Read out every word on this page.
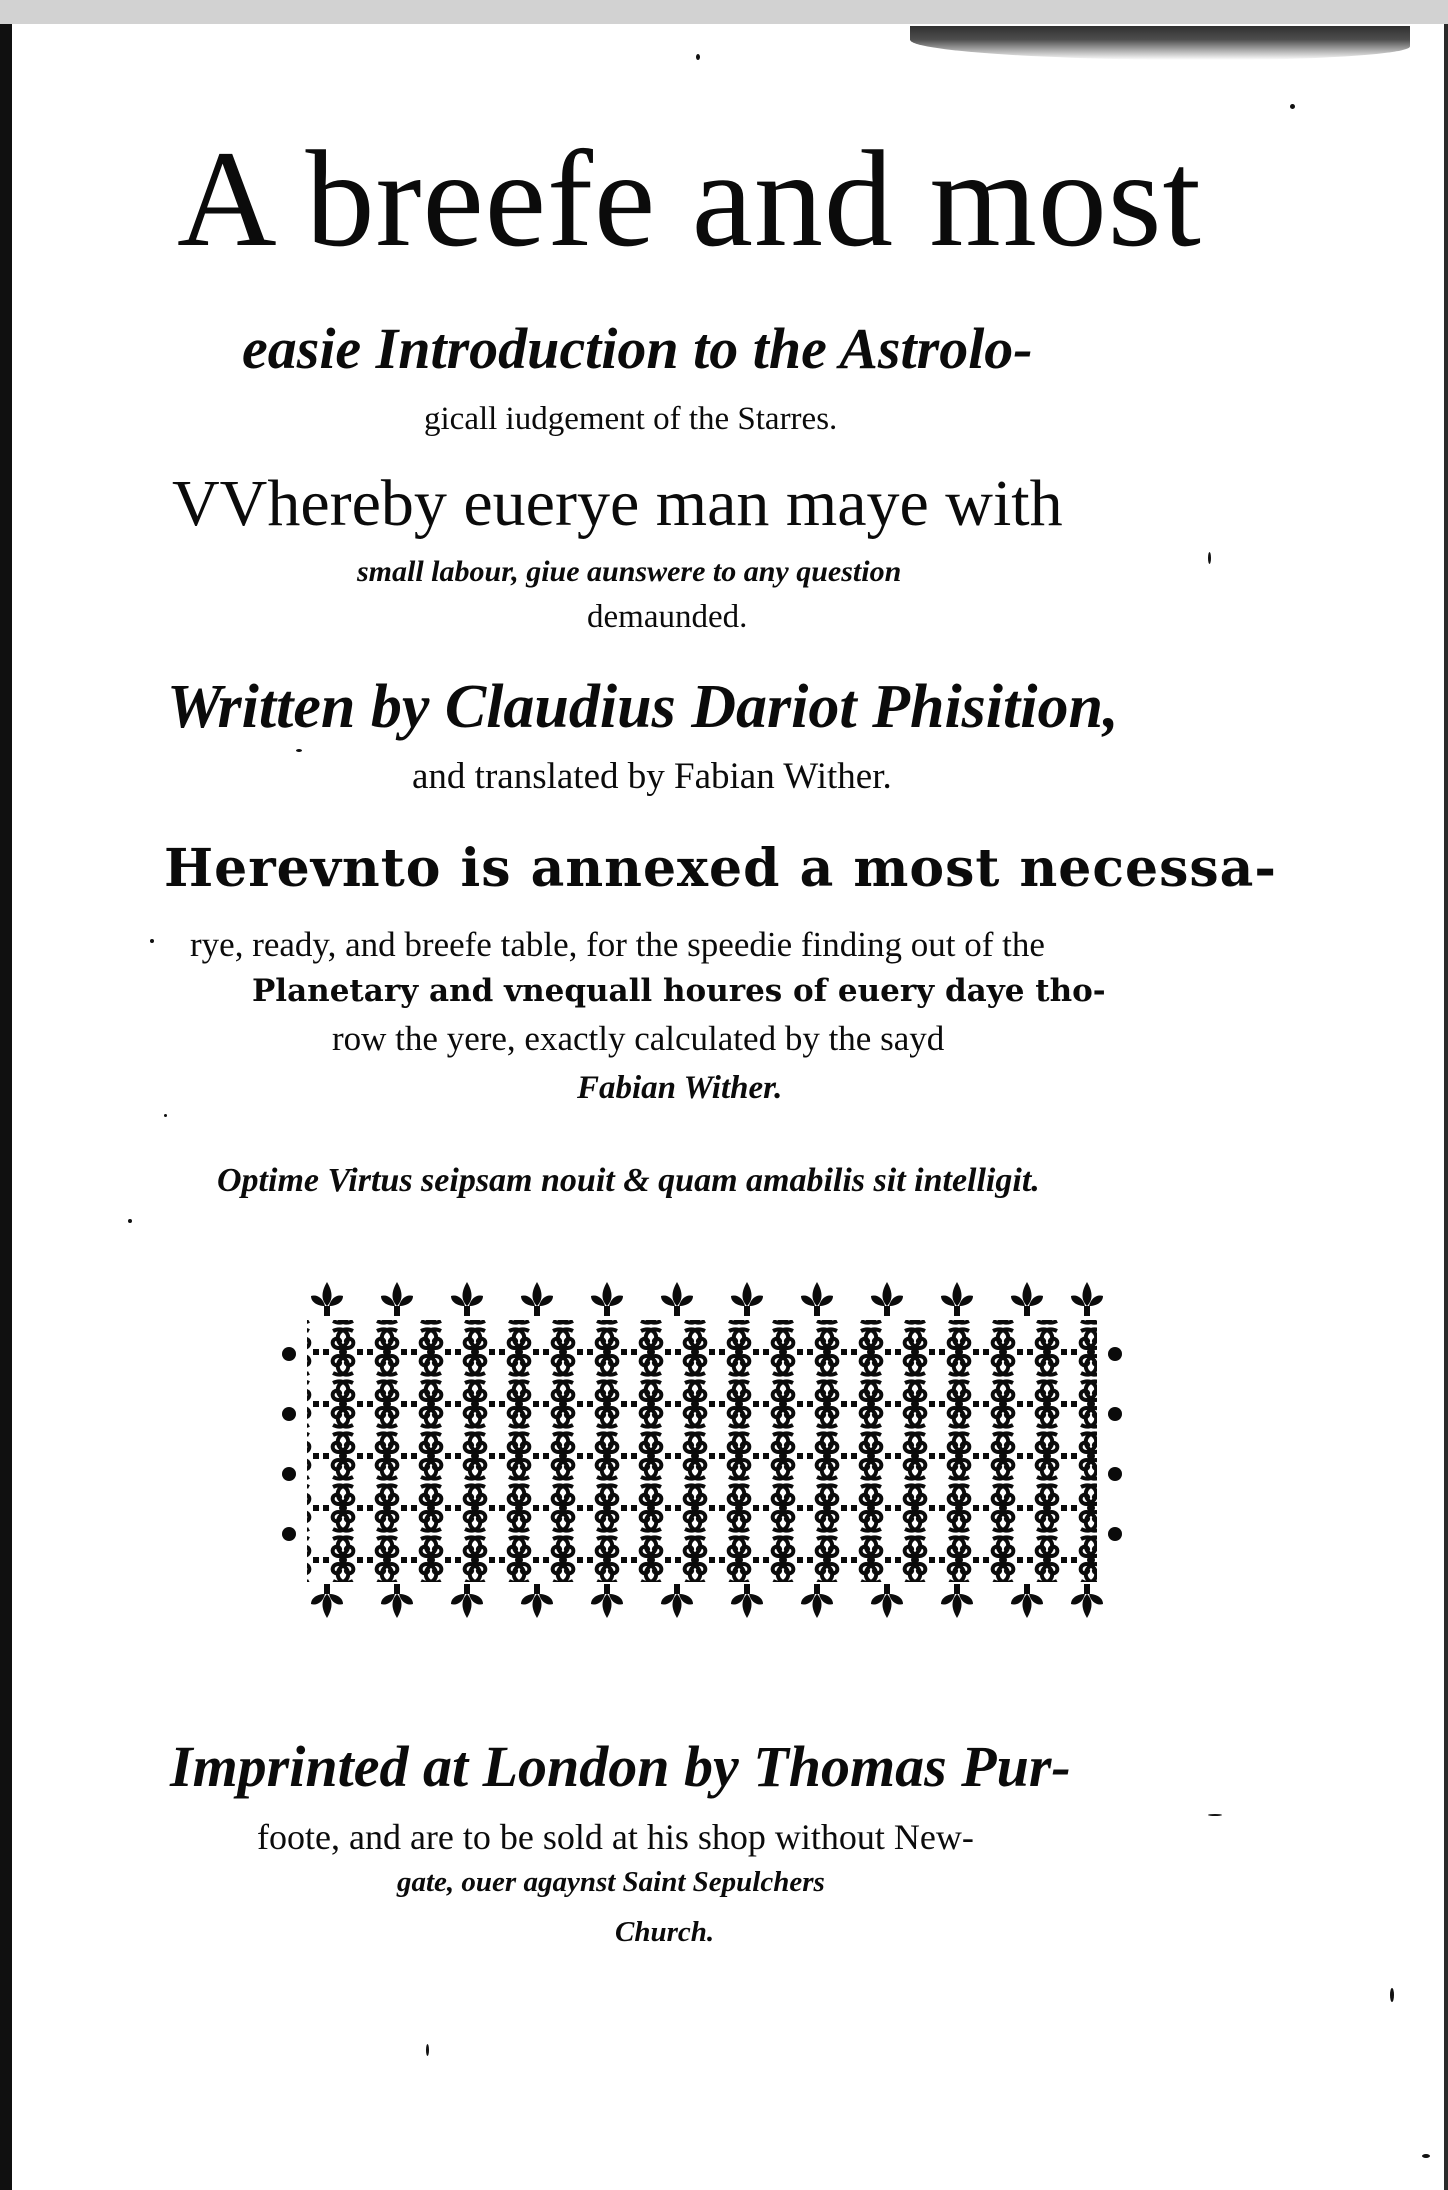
A breefe and most
easie Introduction to the Astrolo-
gicall iudgement of the Starres.
VVhereby euerye man maye with
small labour, giue aunswere to any question
demaunded.
Written by Claudius Dariot Phisition,
and translated by Fabian Wither.
Herevnto is annexed a most necessa-
rye, ready, and breefe table, for the speedie finding out of the
Planetary and vnequall houres of euery daye tho-
row the yere, exactly calculated by the sayd
Fabian Wither.
Optime Virtus seipsam nouit & quam amabilis sit intelligit.
Imprinted at London by Thomas Pur-
foote, and are to be sold at his shop without New-
gate, ouer agaynst Saint Sepulchers
Church.
